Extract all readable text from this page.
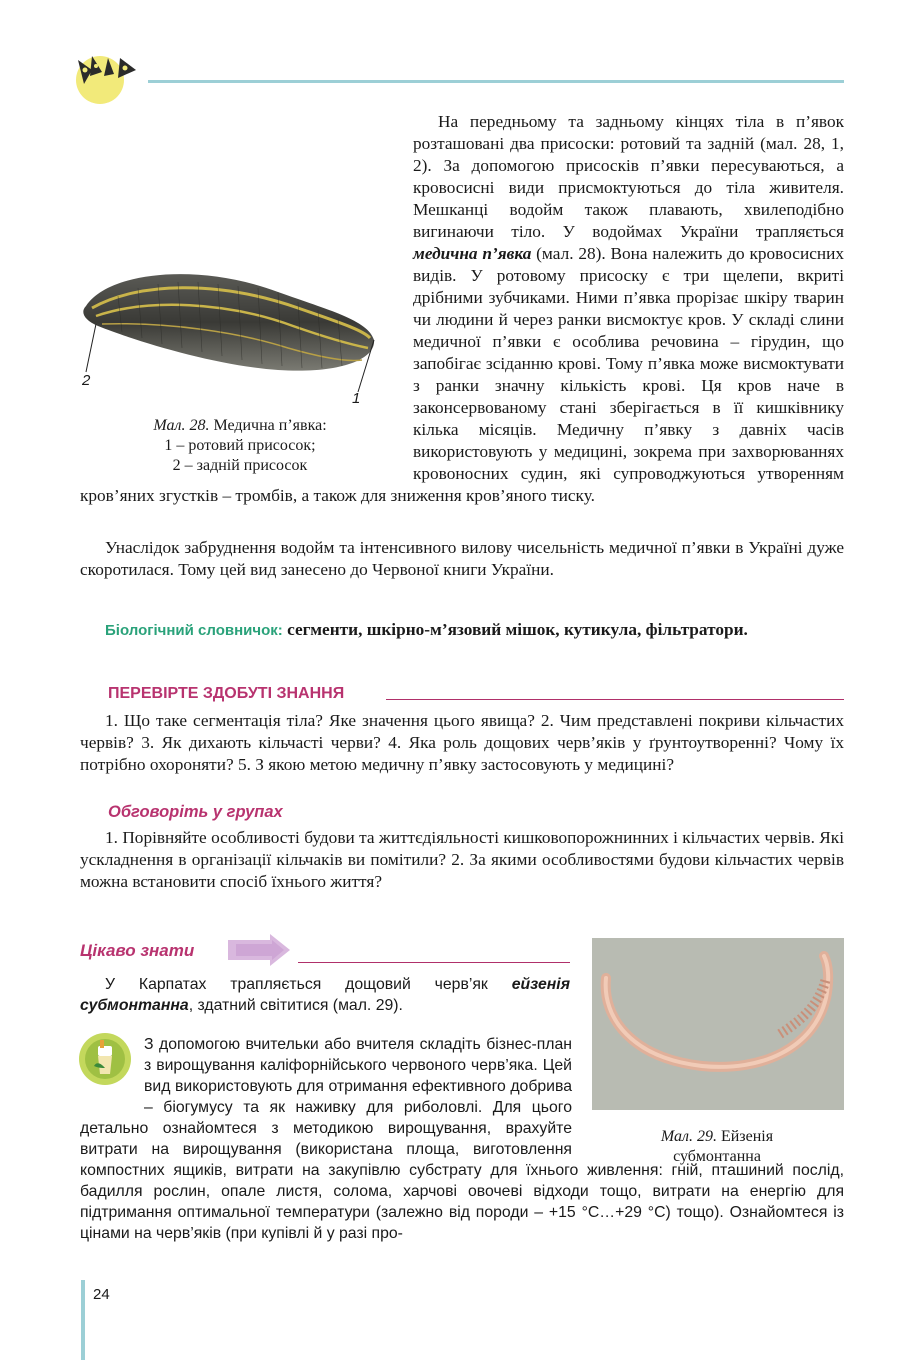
На передньому та задньому кінцях тіла в п’явок розташовані два присоски: ротовий та задній (мал. 28, 1, 2). За допомогою присосків п’явки пересуваються, а кровосисні види присмоктуються до тіла живителя. Мешканці водойм також плавають, хвилеподібно вигинаючи тіло. У водоймах України трапляється медична п’явка (мал. 28). Вона належить до кровосисних видів. У ротовому присоску є три щелепи, вкриті дрібними зубчиками. Ними п’явка прорізає шкіру тварин чи людини й через ранки висмоктує кров. У складі слини медичної п’явки є особлива речовина – гірудин, що запобігає зсіданню крові. Тому п’явка може висмоктувати з ранки значну кількість крові. Ця кров наче в законсервованому стані зберігається в її кишківнику кілька місяців. Медичну п’явку з давніх часів використовують у медицині, зокрема при захворюваннях кровоносних судин, які супроводжуються утворенням кров’яних згустків – тромбів, а також для зниження кров’яного тиску.

2
1
Мал. 28. Медична п’явка:
1 – ротовий присосок;
2 – задній присосок

Унаслідок забруднення водойм та інтенсивного вилову чисельність медичної п’явки в Україні дуже скоротилася. Тому цей вид занесено до Червоної книги України.

Біологічний словничок: сегменти, шкірно-м’язовий мішок, кутикула, фільтратори.

ПЕРЕВІРТЕ ЗДОБУТІ ЗНАННЯ

1. Що таке сегментація тіла? Яке значення цього явища? 2. Чим представлені покриви кільчастих червів? 3. Як дихають кільчасті черви? 4. Яка роль дощових черв’яків у ґрунтоутворенні? Чому їх потрібно охороняти? 5. З якою метою медичну п’явку застосовують у медицині?

Обговоріть у групах

1. Порівняйте особливості будови та життєдіяльності кишковопорожнинних і кільчастих червів. Які ускладнення в організації кільчаків ви помітили? 2. За якими особливостями будови кільчастих червів можна встановити спосіб їхнього життя?

Цікаво знати

У Карпатах трапляється дощовий черв’як ейзенія субмонтанна, здатний світитися (мал. 29).

Мал. 29. Ейзенія
субмонтанна

З допомогою вчительки або вчителя складіть бізнес-план з вирощування каліфорнійського червоного черв’яка. Цей вид використовують для отримання ефективного добрива – біогумусу та як наживку для риболовлі. Для цього детально ознайомтеся з методикою вирощування, врахуйте витрати на вирощування (використана площа, виготовлення компостних ящиків, витрати на закупівлю субстрату для їхнього живлення: гній, пташиний послід, бадилля рослин, опале листя, солома, харчові овочеві відходи тощо, витрати на енергію для підтримання оптимальної температури (залежно від породи – +15 °С…+29 °С) тощо). Ознайомтеся із цінами на черв’яків (при купівлі й у разі про-

24
